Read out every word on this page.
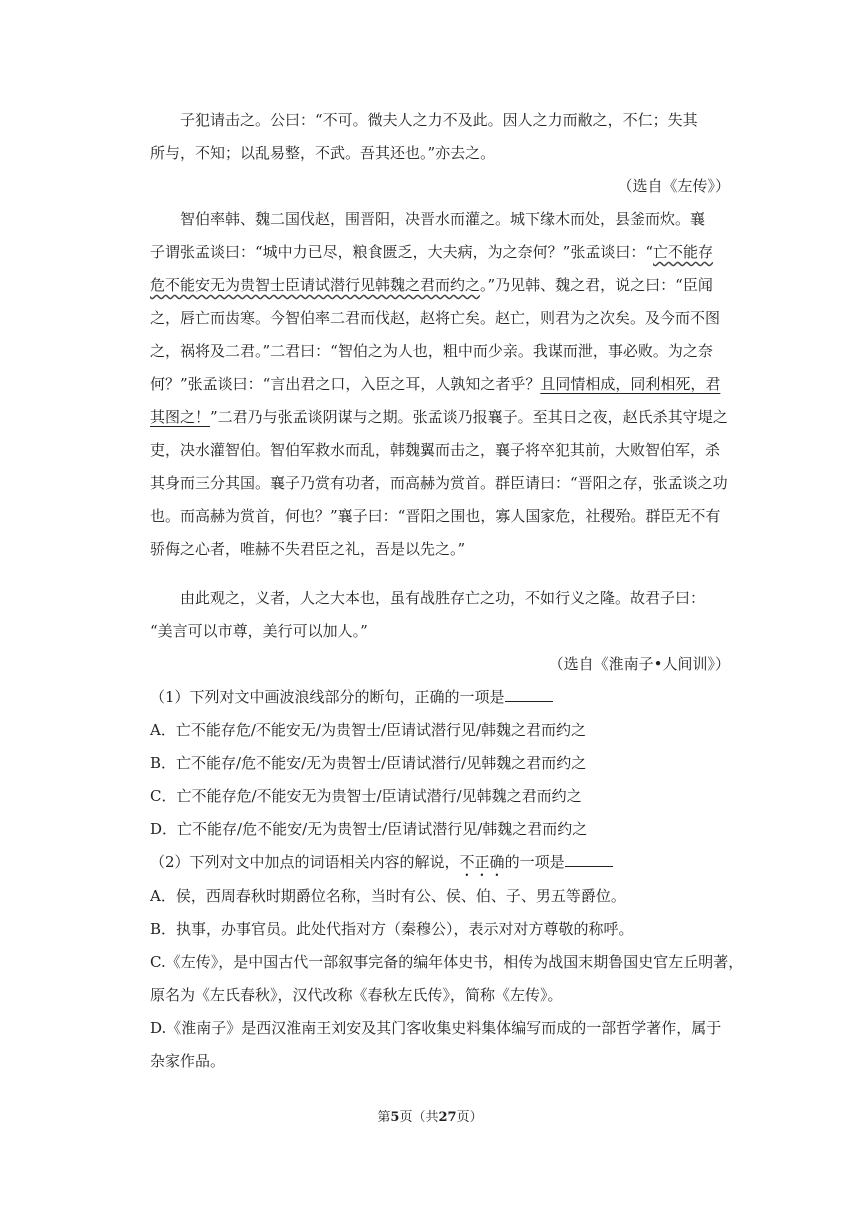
子犯请击之。公曰：“不可。微夫人之力不及此。因人之力而敝之，不仁；失其
所与，不知；以乱易整，不武。吾其还也。”亦去之。
（选自《左传》）
智伯率韩、魏二国伐赵，围晋阳，决晋水而灌之。城下缘木而处，县釜而炊。襄
子谓张孟谈曰：“城中力已尽，粮食匮乏，大夫病，为之奈何？”张孟谈曰：“亡不能存
危不能安无为贵智士臣请试潜行见韩魏之君而约之。”乃见韩、魏之君，说之曰：“臣闻
之，唇亡而齿寒。今智伯率二君而伐赵，赵将亡矣。赵亡，则君为之次矣。及今而不图
之，祸将及二君。”二君曰：“智伯之为人也，粗中而少亲。我谋而泄，事必败。为之奈
何？”张孟谈曰：“言出君之口，入臣之耳，人孰知之者乎？且同情相成，同利相死，君
其图之！”二君乃与张孟谈阴谋与之期。张孟谈乃报襄子。至其日之夜，赵氏杀其守堤之
吏，决水灌智伯。智伯军救水而乱，韩魏翼而击之，襄子将卒犯其前，大败智伯军，杀
其身而三分其国。襄子乃赏有功者，而高赫为赏首。群臣请曰：“晋阳之存，张孟谈之功
也。而高赫为赏首，何也？”襄子曰：“晋阳之围也，寡人国家危，社稷殆。群臣无不有
骄侮之心者，唯赫不失君臣之礼，吾是以先之。”
由此观之，义者，人之大本也，虽有战胜存亡之功，不如行义之隆。故君子曰：
“美言可以市尊，美行可以加人。”
（选自《淮南子•人间训》）
（1）下列对文中画波浪线部分的断句，正确的一项是
A．亡不能存危/不能安无/为贵智士/臣请试潜行见/韩魏之君而约之
B．亡不能存/危不能安/无为贵智士/臣请试潜行/见韩魏之君而约之
C．亡不能存危/不能安无为贵智士/臣请试潜行/见韩魏之君而约之
D．亡不能存/危不能安/无为贵智士/臣请试潜行见/韩魏之君而约之
（2）下列对文中加点的词语相关内容的解说，不正确的一项是
A．侯，西周春秋时期爵位名称，当时有公、侯、伯、子、男五等爵位。
B．执事，办事官员。此处代指对方（秦穆公），表示对对方尊敬的称呼。
C.《左传》，是中国古代一部叙事完备的编年体史书，相传为战国末期鲁国史官左丘明著，
原名为《左氏春秋》，汉代改称《春秋左氏传》，简称《左传》。
D.《淮南子》是西汉淮南王刘安及其门客收集史料集体编写而成的一部哲学著作，属于
杂家作品。
第5页（共27页）
